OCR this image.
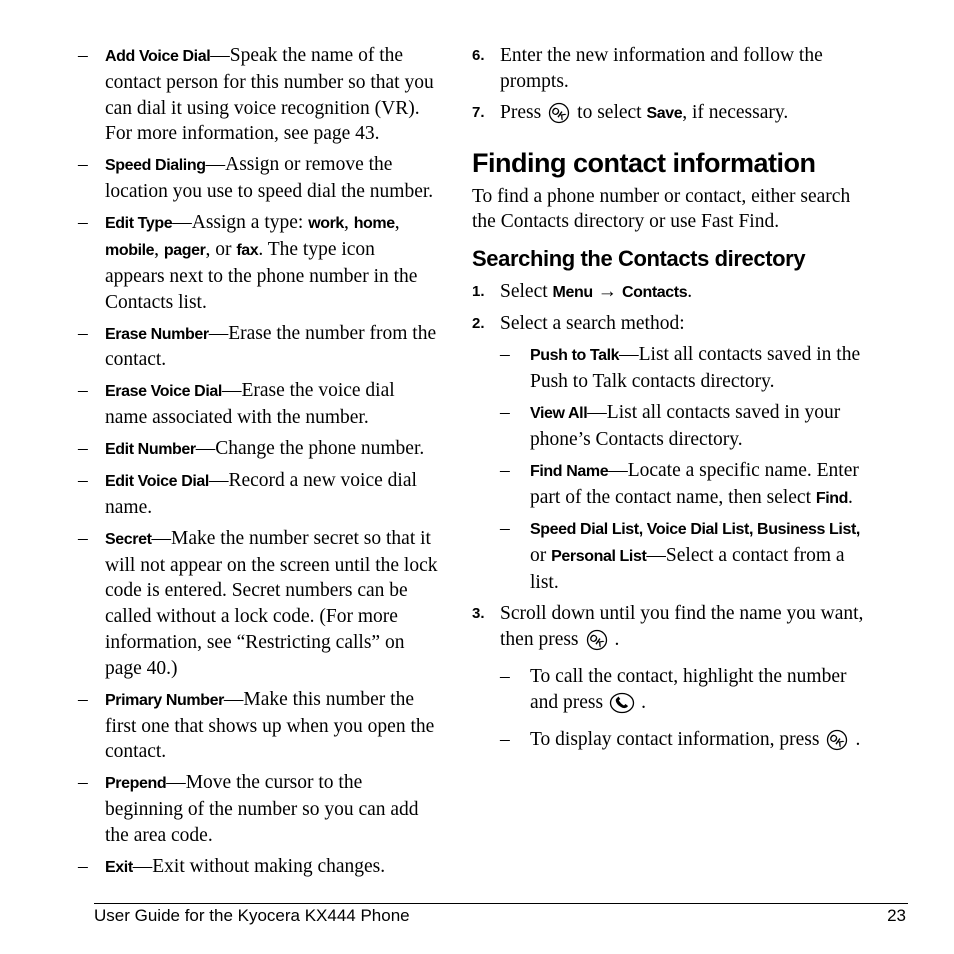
– Add Voice Dial—Speak the name of the contact person for this number so that you can dial it using voice recognition (VR). For more information, see page 43.
– Speed Dialing—Assign or remove the location you use to speed dial the number.
– Edit Type—Assign a type: work, home, mobile, pager, or fax. The type icon appears next to the phone number in the Contacts list.
– Erase Number—Erase the number from the contact.
– Erase Voice Dial—Erase the voice dial name associated with the number.
– Edit Number—Change the phone number.
– Edit Voice Dial—Record a new voice dial name.
– Secret—Make the number secret so that it will not appear on the screen until the lock code is entered. Secret numbers can be called without a lock code. (For more information, see “Restricting calls” on page 40.)
– Primary Number—Make this number the first one that shows up when you open the contact.
– Prepend—Move the cursor to the beginning of the number so you can add the area code.
– Exit—Exit without making changes.
6. Enter the new information and follow the prompts.
7. Press OK to select Save, if necessary.
Finding contact information
To find a phone number or contact, either search the Contacts directory or use Fast Find.
Searching the Contacts directory
1. Select Menu → Contacts.
2. Select a search method:
– Push to Talk—List all contacts saved in the Push to Talk contacts directory.
– View All—List all contacts saved in your phone’s Contacts directory.
– Find Name—Locate a specific name. Enter part of the contact name, then select Find.
– Speed Dial List, Voice Dial List, Business List, or Personal List—Select a contact from a list.
3. Scroll down until you find the name you want, then press OK .
– To call the contact, highlight the number and press .
– To display contact information, press OK .
User Guide for the Kyocera KX444 Phone	23
